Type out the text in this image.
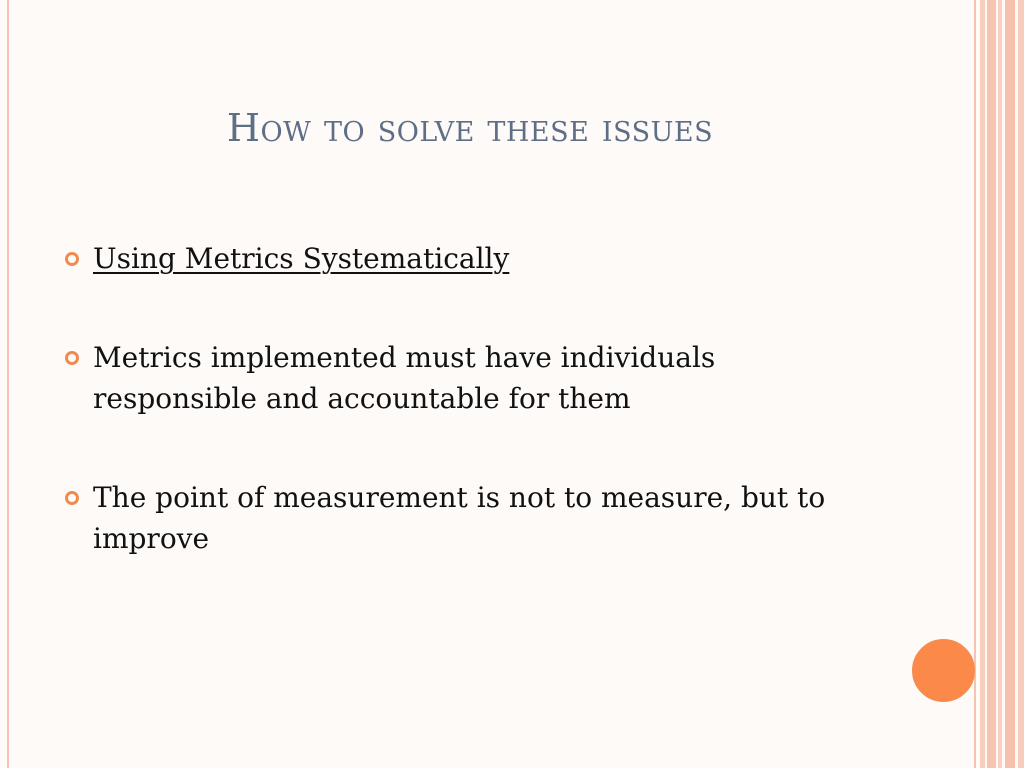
How to solve these issues
Using Metrics Systematically
Metrics implemented must have individuals responsible and accountable for them
The point of measurement is not to measure, but to improve
